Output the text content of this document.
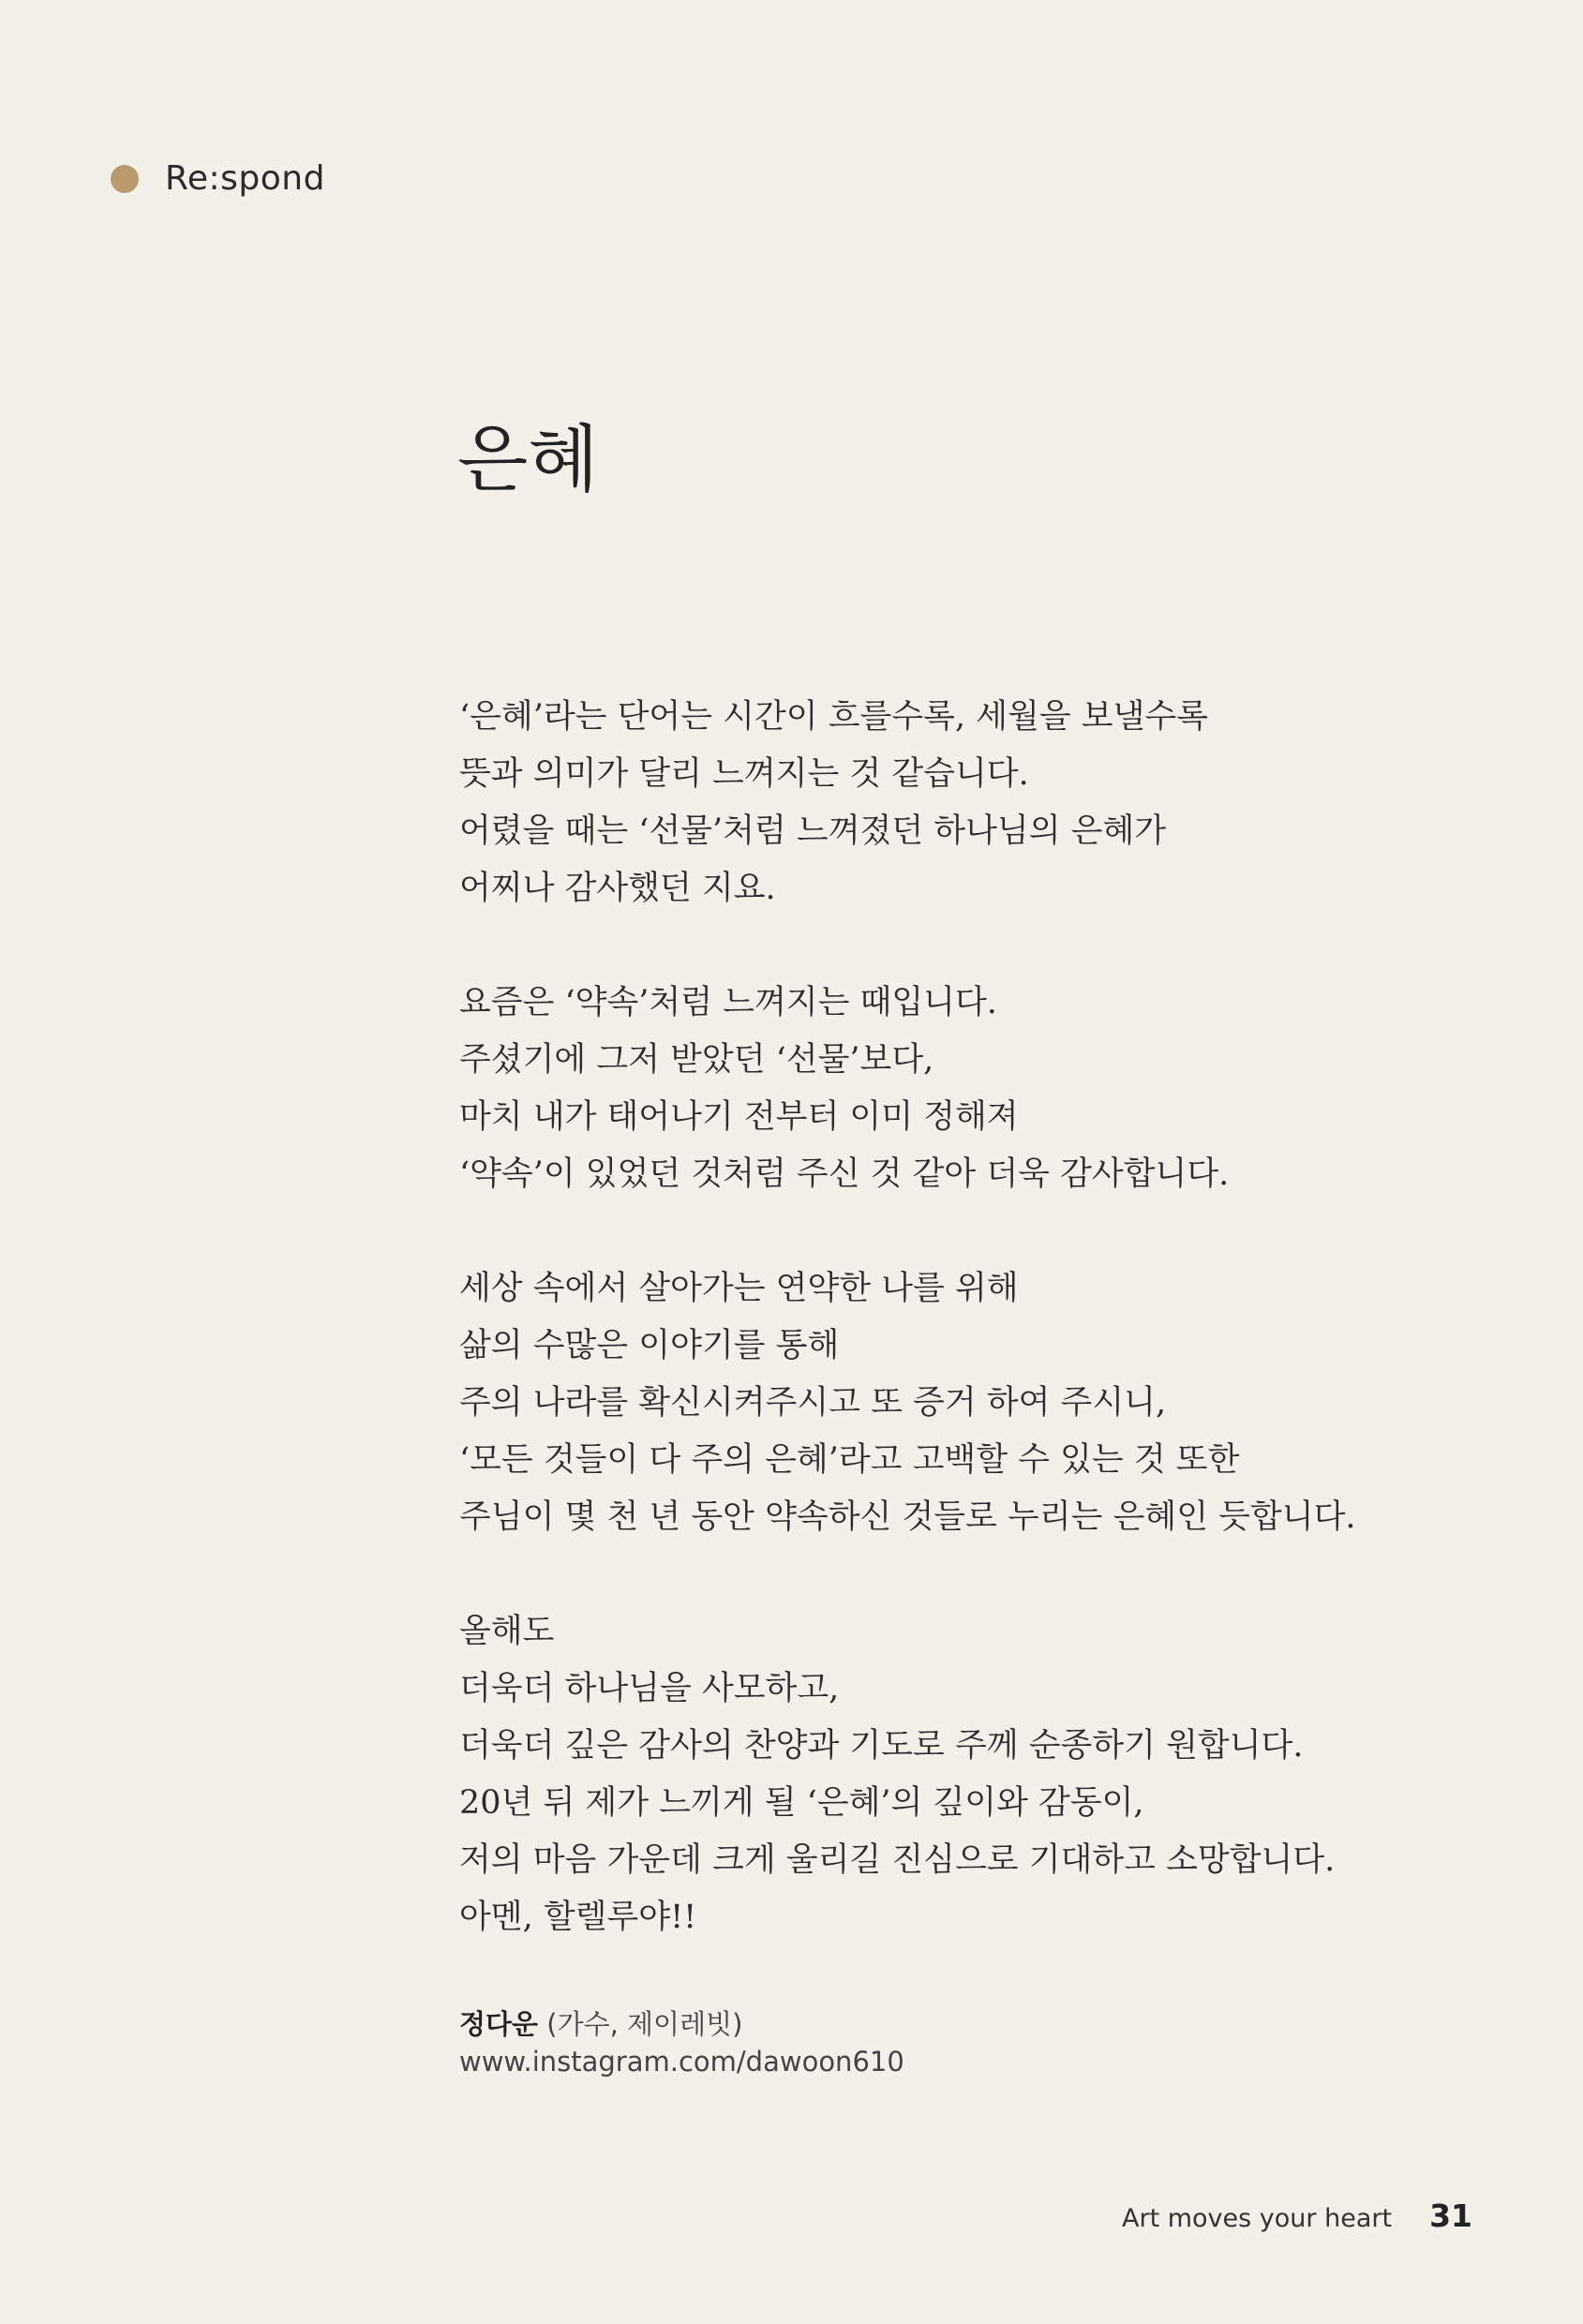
Re:spond
은혜

‘은혜’라는 단어는 시간이 흐를수록, 세월을 보낼수록
뜻과 의미가 달리 느껴지는 것 같습니다.
어렸을 때는 ‘선물’처럼 느껴졌던 하나님의 은혜가
어찌나 감사했던 지요.

요즘은 ‘약속’처럼 느껴지는 때입니다.
주셨기에 그저 받았던 ‘선물’보다,
마치 내가 태어나기 전부터 이미 정해져
‘약속’이 있었던 것처럼 주신 것 같아 더욱 감사합니다.

세상 속에서 살아가는 연약한 나를 위해
삶의 수많은 이야기를 통해
주의 나라를 확신시켜주시고 또 증거 하여 주시니,
‘모든 것들이 다 주의 은혜’라고 고백할 수 있는 것 또한
주님이 몇 천 년 동안 약속하신 것들로 누리는 은혜인 듯합니다.

올해도
더욱더 하나님을 사모하고,
더욱더 깊은 감사의 찬양과 기도로 주께 순종하기 원합니다.
20년 뒤 제가 느끼게 될 ‘은혜’의 깊이와 감동이,
저의 마음 가운데 크게 울리길 진심으로 기대하고 소망합니다.
아멘, 할렐루야!!

정다운 (가수, 제이레빗)
www.instagram.com/dawoon610
Art moves your heart 31
